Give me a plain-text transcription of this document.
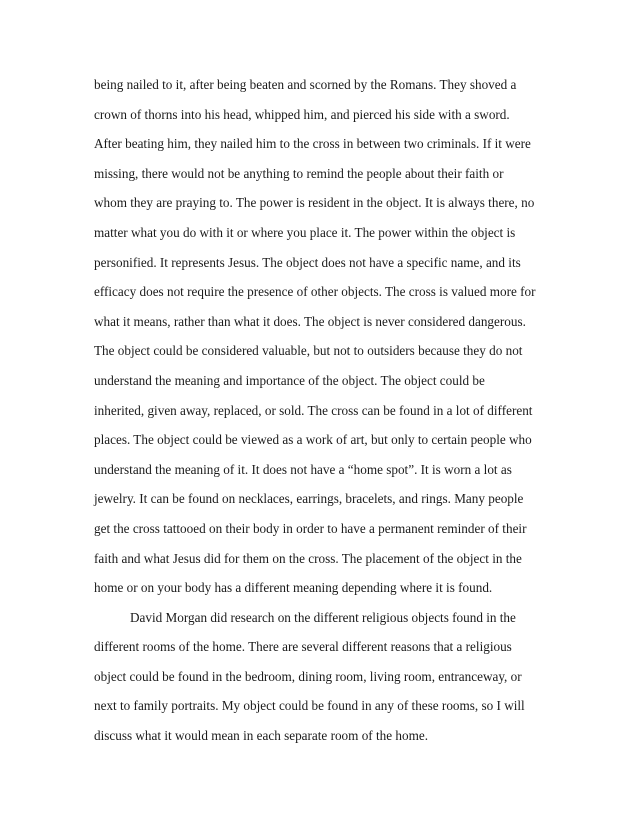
being nailed to it, after being beaten and scorned by the Romans. They shoved a
crown of thorns into his head, whipped him, and pierced his side with a sword.
After beating him, they nailed him to the cross in between two criminals. If it were
missing, there would not be anything to remind the people about their faith or
whom they are praying to. The power is resident in the object. It is always there, no
matter what you do with it or where you place it. The power within the object is
personified. It represents Jesus. The object does not have a specific name, and its
efficacy does not require the presence of other objects. The cross is valued more for
what it means, rather than what it does. The object is never considered dangerous.
The object could be considered valuable, but not to outsiders because they do not
understand the meaning and importance of the object. The object could be
inherited, given away, replaced, or sold. The cross can be found in a lot of different
places. The object could be viewed as a work of art, but only to certain people who
understand the meaning of it. It does not have a “home spot”. It is worn a lot as
jewelry. It can be found on necklaces, earrings, bracelets, and rings. Many people
get the cross tattooed on their body in order to have a permanent reminder of their
faith and what Jesus did for them on the cross. The placement of the object in the
home or on your body has a different meaning depending where it is found.
David Morgan did research on the different religious objects found in the
different rooms of the home. There are several different reasons that a religious
object could be found in the bedroom, dining room, living room, entranceway, or
next to family portraits. My object could be found in any of these rooms, so I will
discuss what it would mean in each separate room of the home.
